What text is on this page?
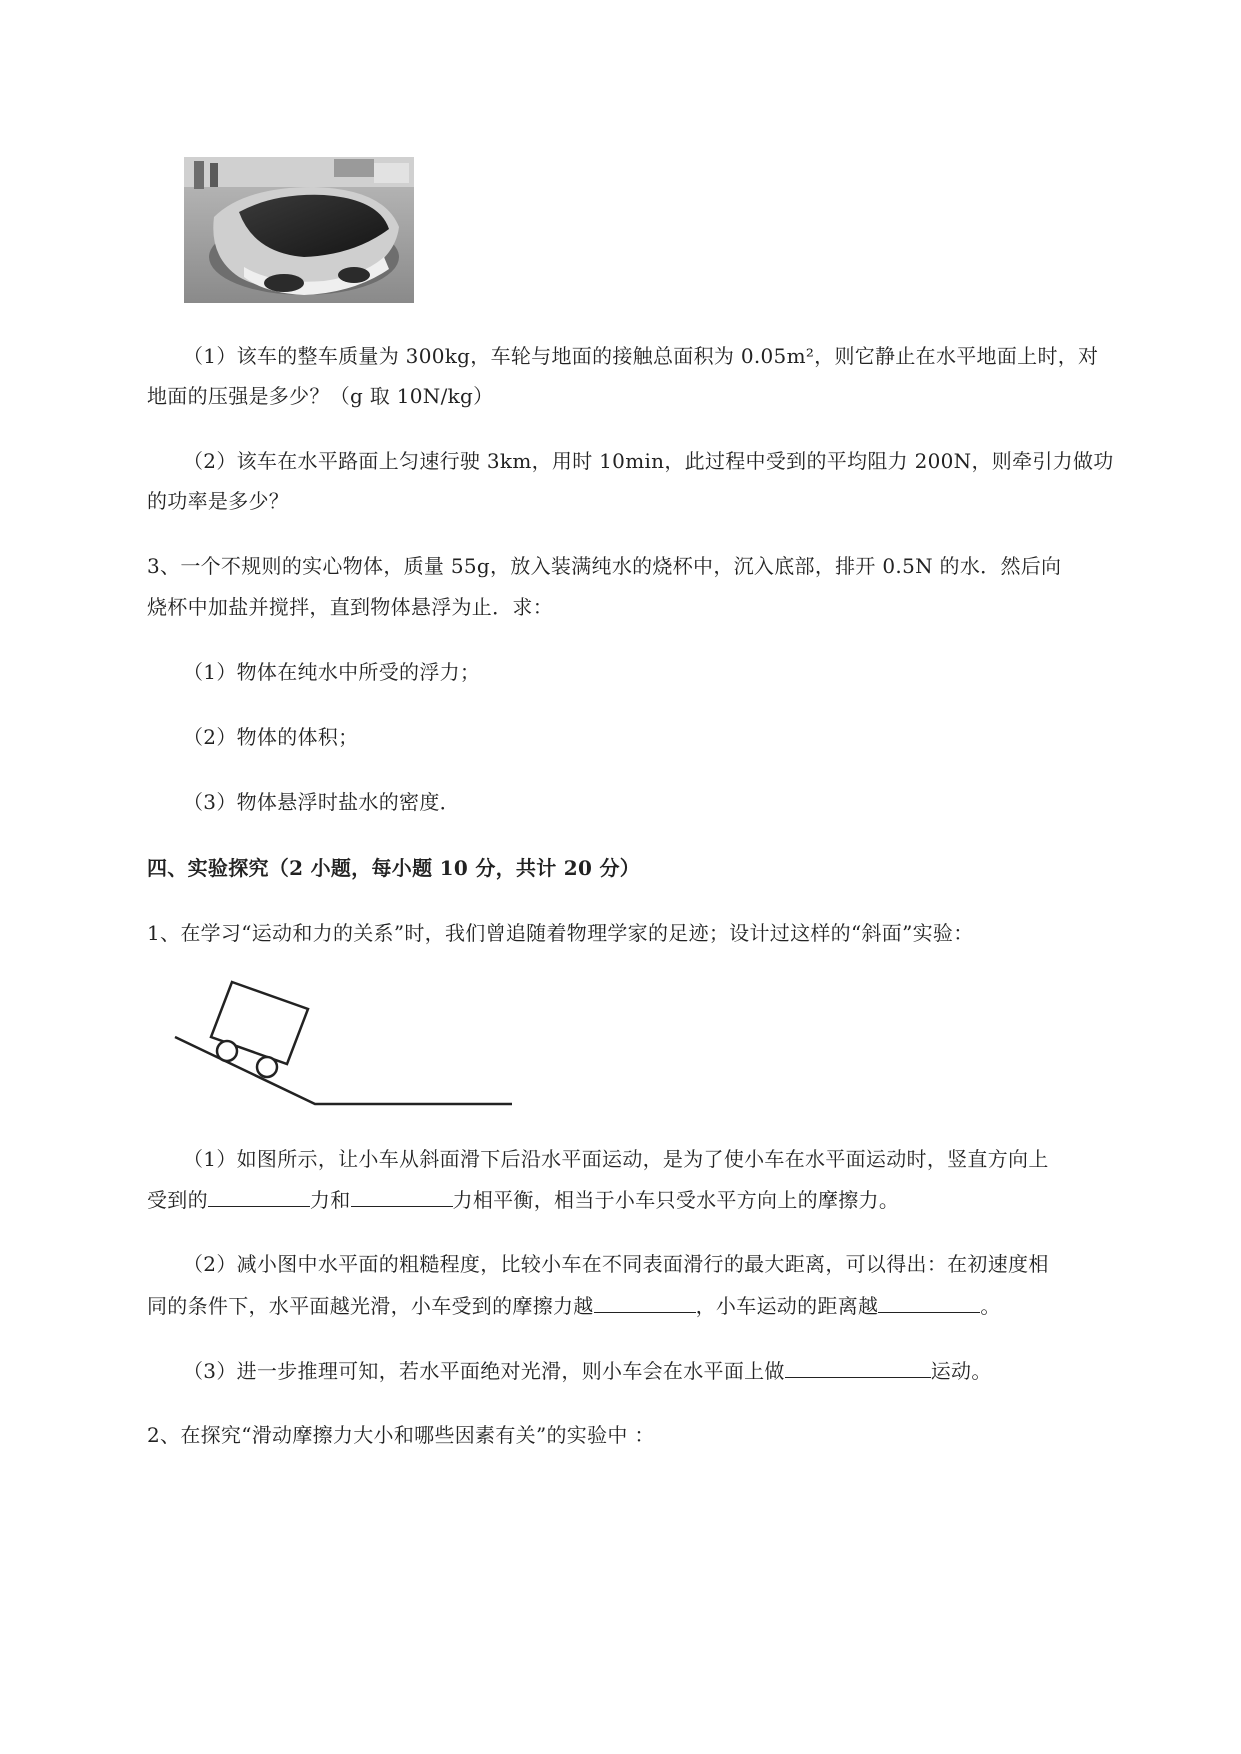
（1）该车的整车质量为 300kg，车轮与地面的接触总面积为 0.05m²，则它静止在水平地面上时，对
地面的压强是多少？（g 取 10N/kg）
（2）该车在水平路面上匀速行驶 3km，用时 10min，此过程中受到的平均阻力 200N，则牵引力做功
的功率是多少？
3、一个不规则的实心物体，质量 55g，放入装满纯水的烧杯中，沉入底部，排开 0.5N 的水．然后向
烧杯中加盐并搅拌，直到物体悬浮为止．求：
（1）物体在纯水中所受的浮力；
（2）物体的体积；
（3）物体悬浮时盐水的密度．
四、实验探究（2 小题，每小题 10 分，共计 20 分）
1、在学习“运动和力的关系”时，我们曾追随着物理学家的足迹；设计过这样的“斜面”实验：
（1）如图所示，让小车从斜面滑下后沿水平面运动，是为了使小车在水平面运动时，竖直方向上
受到的	力和	力相平衡，相当于小车只受水平方向上的摩擦力。
（2）减小图中水平面的粗糙程度，比较小车在不同表面滑行的最大距离，可以得出：在初速度相
同的条件下，水平面越光滑，小车受到的摩擦力越	，小车运动的距离越	。
（3）进一步推理可知，若水平面绝对光滑，则小车会在水平面上做	运动。
2、在探究“滑动摩擦力大小和哪些因素有关”的实验中 ：
